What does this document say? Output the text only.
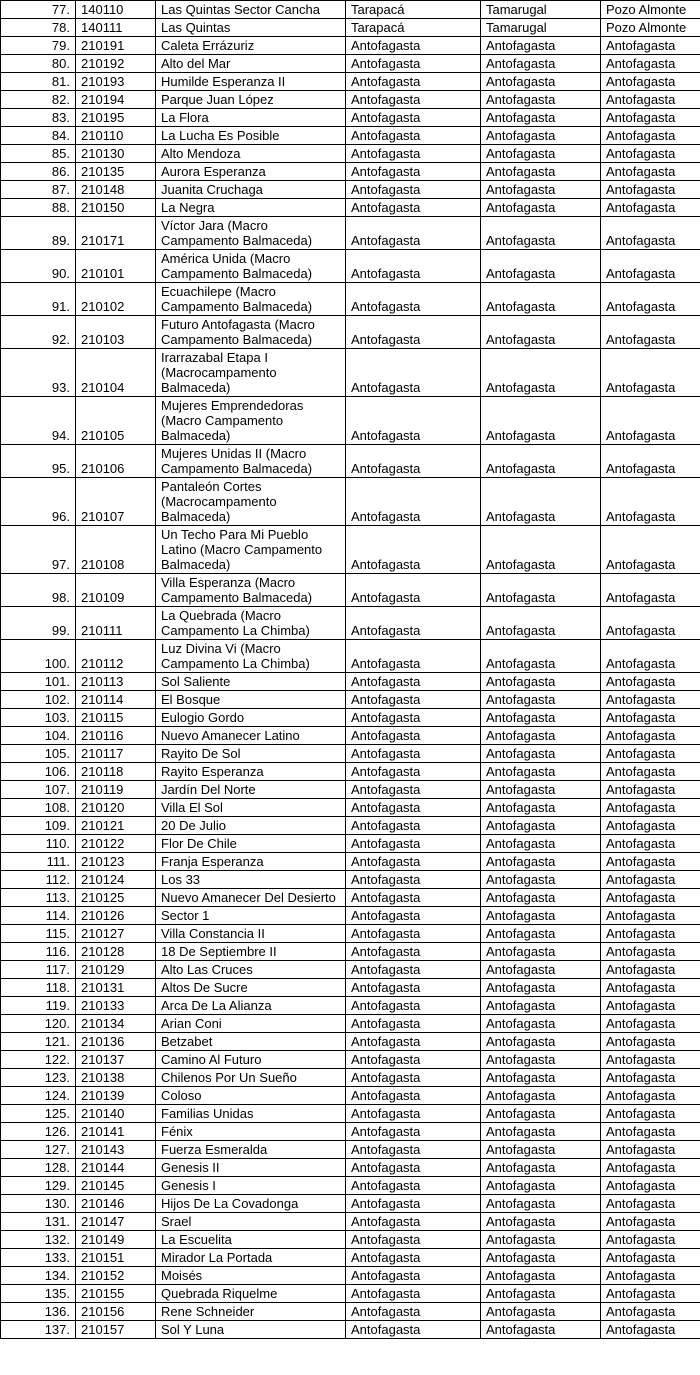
77.	140110	Las Quintas Sector Cancha	Tarapacá	Tamarugal	Pozo Almonte
78.	140111	Las Quintas	Tarapacá	Tamarugal	Pozo Almonte
79.	210191	Caleta Errázuriz	Antofagasta	Antofagasta	Antofagasta
80.	210192	Alto del Mar	Antofagasta	Antofagasta	Antofagasta
81.	210193	Humilde Esperanza II	Antofagasta	Antofagasta	Antofagasta
82.	210194	Parque Juan López	Antofagasta	Antofagasta	Antofagasta
83.	210195	La Flora	Antofagasta	Antofagasta	Antofagasta
84.	210110	La Lucha Es Posible	Antofagasta	Antofagasta	Antofagasta
85.	210130	Alto Mendoza	Antofagasta	Antofagasta	Antofagasta
86.	210135	Aurora Esperanza	Antofagasta	Antofagasta	Antofagasta
87.	210148	Juanita Cruchaga	Antofagasta	Antofagasta	Antofagasta
88.	210150	La Negra	Antofagasta	Antofagasta	Antofagasta
89.	210171	Víctor Jara (Macro Campamento Balmaceda)	Antofagasta	Antofagasta	Antofagasta
90.	210101	América Unida (Macro Campamento Balmaceda)	Antofagasta	Antofagasta	Antofagasta
91.	210102	Ecuachilepe (Macro Campamento Balmaceda)	Antofagasta	Antofagasta	Antofagasta
92.	210103	Futuro Antofagasta (Macro Campamento Balmaceda)	Antofagasta	Antofagasta	Antofagasta
93.	210104	Irarrazabal Etapa I (Macrocampamento Balmaceda)	Antofagasta	Antofagasta	Antofagasta
94.	210105	Mujeres Emprendedoras (Macro Campamento Balmaceda)	Antofagasta	Antofagasta	Antofagasta
95.	210106	Mujeres Unidas II (Macro Campamento Balmaceda)	Antofagasta	Antofagasta	Antofagasta
96.	210107	Pantaleón Cortes (Macrocampamento Balmaceda)	Antofagasta	Antofagasta	Antofagasta
97.	210108	Un Techo Para Mi Pueblo Latino (Macro Campamento Balmaceda)	Antofagasta	Antofagasta	Antofagasta
98.	210109	Villa Esperanza (Macro Campamento Balmaceda)	Antofagasta	Antofagasta	Antofagasta
99.	210111	La Quebrada (Macro Campamento La Chimba)	Antofagasta	Antofagasta	Antofagasta
100.	210112	Luz Divina Vi (Macro Campamento La Chimba)	Antofagasta	Antofagasta	Antofagasta
101.	210113	Sol Saliente	Antofagasta	Antofagasta	Antofagasta
102.	210114	El Bosque	Antofagasta	Antofagasta	Antofagasta
103.	210115	Eulogio Gordo	Antofagasta	Antofagasta	Antofagasta
104.	210116	Nuevo Amanecer Latino	Antofagasta	Antofagasta	Antofagasta
105.	210117	Rayito De Sol	Antofagasta	Antofagasta	Antofagasta
106.	210118	Rayito Esperanza	Antofagasta	Antofagasta	Antofagasta
107.	210119	Jardín Del Norte	Antofagasta	Antofagasta	Antofagasta
108.	210120	Villa El Sol	Antofagasta	Antofagasta	Antofagasta
109.	210121	20 De Julio	Antofagasta	Antofagasta	Antofagasta
110.	210122	Flor De Chile	Antofagasta	Antofagasta	Antofagasta
111.	210123	Franja Esperanza	Antofagasta	Antofagasta	Antofagasta
112.	210124	Los 33	Antofagasta	Antofagasta	Antofagasta
113.	210125	Nuevo Amanecer Del Desierto	Antofagasta	Antofagasta	Antofagasta
114.	210126	Sector 1	Antofagasta	Antofagasta	Antofagasta
115.	210127	Villa Constancia II	Antofagasta	Antofagasta	Antofagasta
116.	210128	18 De Septiembre II	Antofagasta	Antofagasta	Antofagasta
117.	210129	Alto Las Cruces	Antofagasta	Antofagasta	Antofagasta
118.	210131	Altos De Sucre	Antofagasta	Antofagasta	Antofagasta
119.	210133	Arca De La Alianza	Antofagasta	Antofagasta	Antofagasta
120.	210134	Arian Coni	Antofagasta	Antofagasta	Antofagasta
121.	210136	Betzabet	Antofagasta	Antofagasta	Antofagasta
122.	210137	Camino Al Futuro	Antofagasta	Antofagasta	Antofagasta
123.	210138	Chilenos Por Un Sueño	Antofagasta	Antofagasta	Antofagasta
124.	210139	Coloso	Antofagasta	Antofagasta	Antofagasta
125.	210140	Familias Unidas	Antofagasta	Antofagasta	Antofagasta
126.	210141	Fénix	Antofagasta	Antofagasta	Antofagasta
127.	210143	Fuerza Esmeralda	Antofagasta	Antofagasta	Antofagasta
128.	210144	Genesis II	Antofagasta	Antofagasta	Antofagasta
129.	210145	Genesis I	Antofagasta	Antofagasta	Antofagasta
130.	210146	Hijos De La Covadonga	Antofagasta	Antofagasta	Antofagasta
131.	210147	Srael	Antofagasta	Antofagasta	Antofagasta
132.	210149	La Escuelita	Antofagasta	Antofagasta	Antofagasta
133.	210151	Mirador La Portada	Antofagasta	Antofagasta	Antofagasta
134.	210152	Moisés	Antofagasta	Antofagasta	Antofagasta
135.	210155	Quebrada Riquelme	Antofagasta	Antofagasta	Antofagasta
136.	210156	Rene Schneider	Antofagasta	Antofagasta	Antofagasta
137.	210157	Sol Y Luna	Antofagasta	Antofagasta	Antofagasta
